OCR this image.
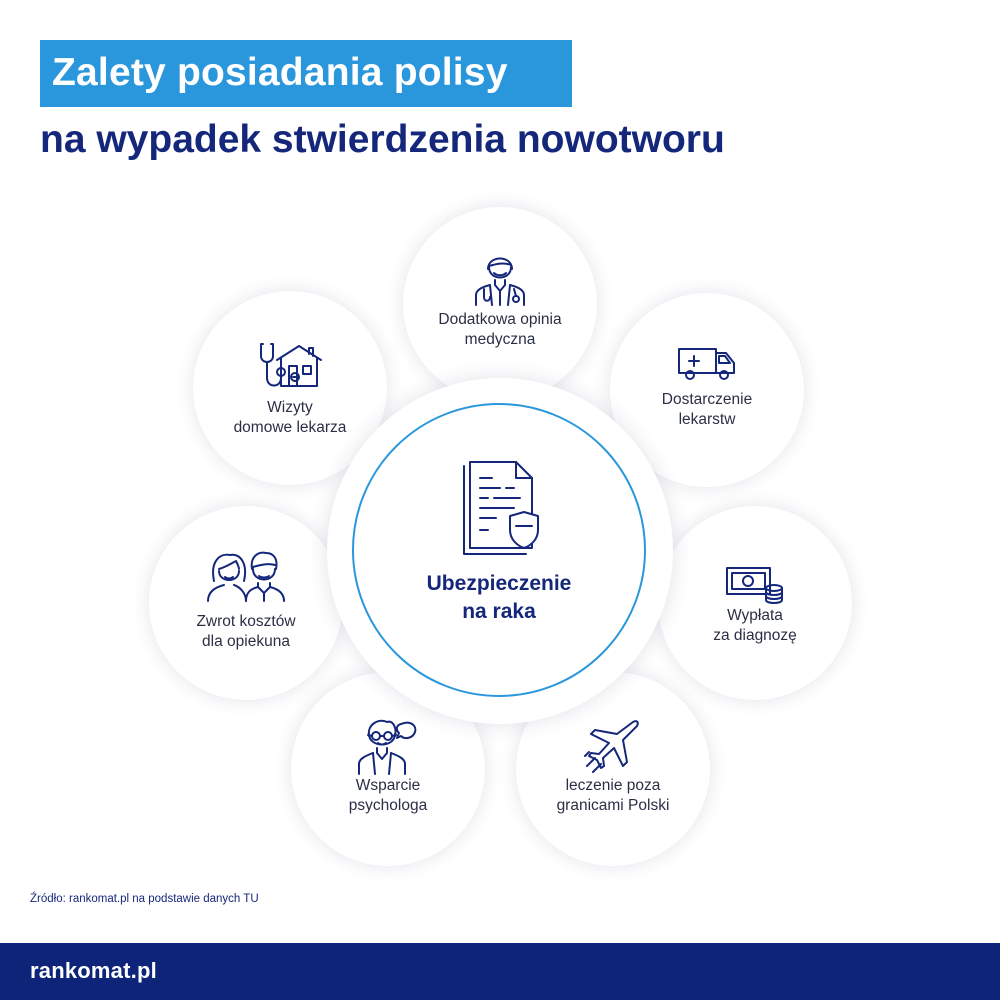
Zalety posiadania polisy
na wypadek stwierdzenia nowotworu
Dodatkowa opinia
medyczna
Dostarczenie
lekarstw
Wypłata
za diagnozę
leczenie poza
granicami Polski
Wsparcie
psychologa
Zwrot kosztów
dla opiekuna
Wizyty
domowe lekarza
Ubezpieczenie
na raka
Źródło: rankomat.pl na podstawie danych TU
rankomat.pl
